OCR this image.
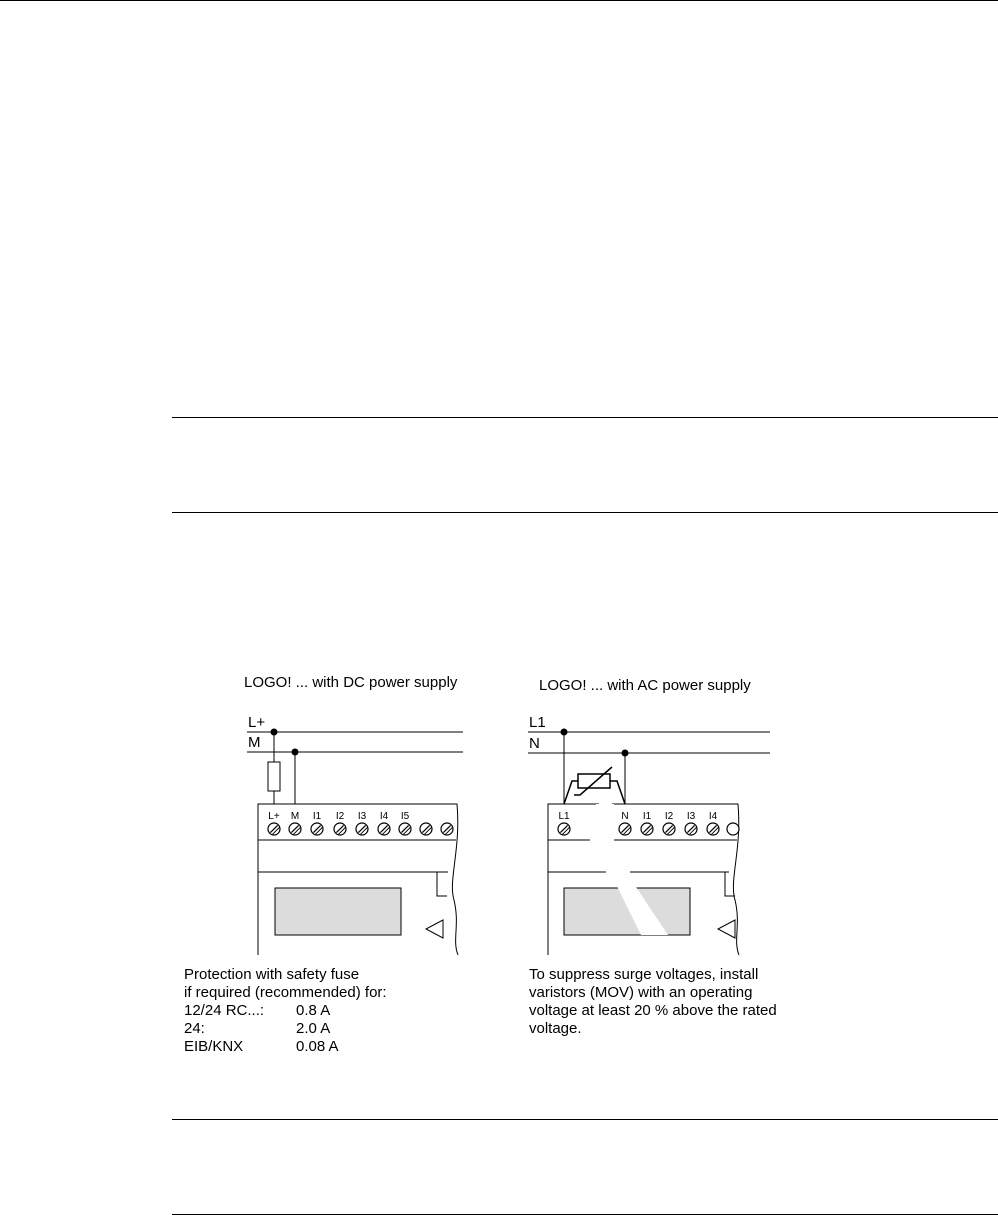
LOGO! ... with DC power supply
L+
M
L+ M I1 I2 I3 I4 I5
LOGO! ... with AC power supply
L1
N
L1	N I1 I2 I3 I4

Protection with safety fuse

if required (recommended) for:

12/24 RC...:	0.8 A
24:	2.0 A
EIB/KNX	0.08 A

To suppress surge voltages, install

varistors (MOV) with an operating

voltage at least 20 % above the rated

voltage.
